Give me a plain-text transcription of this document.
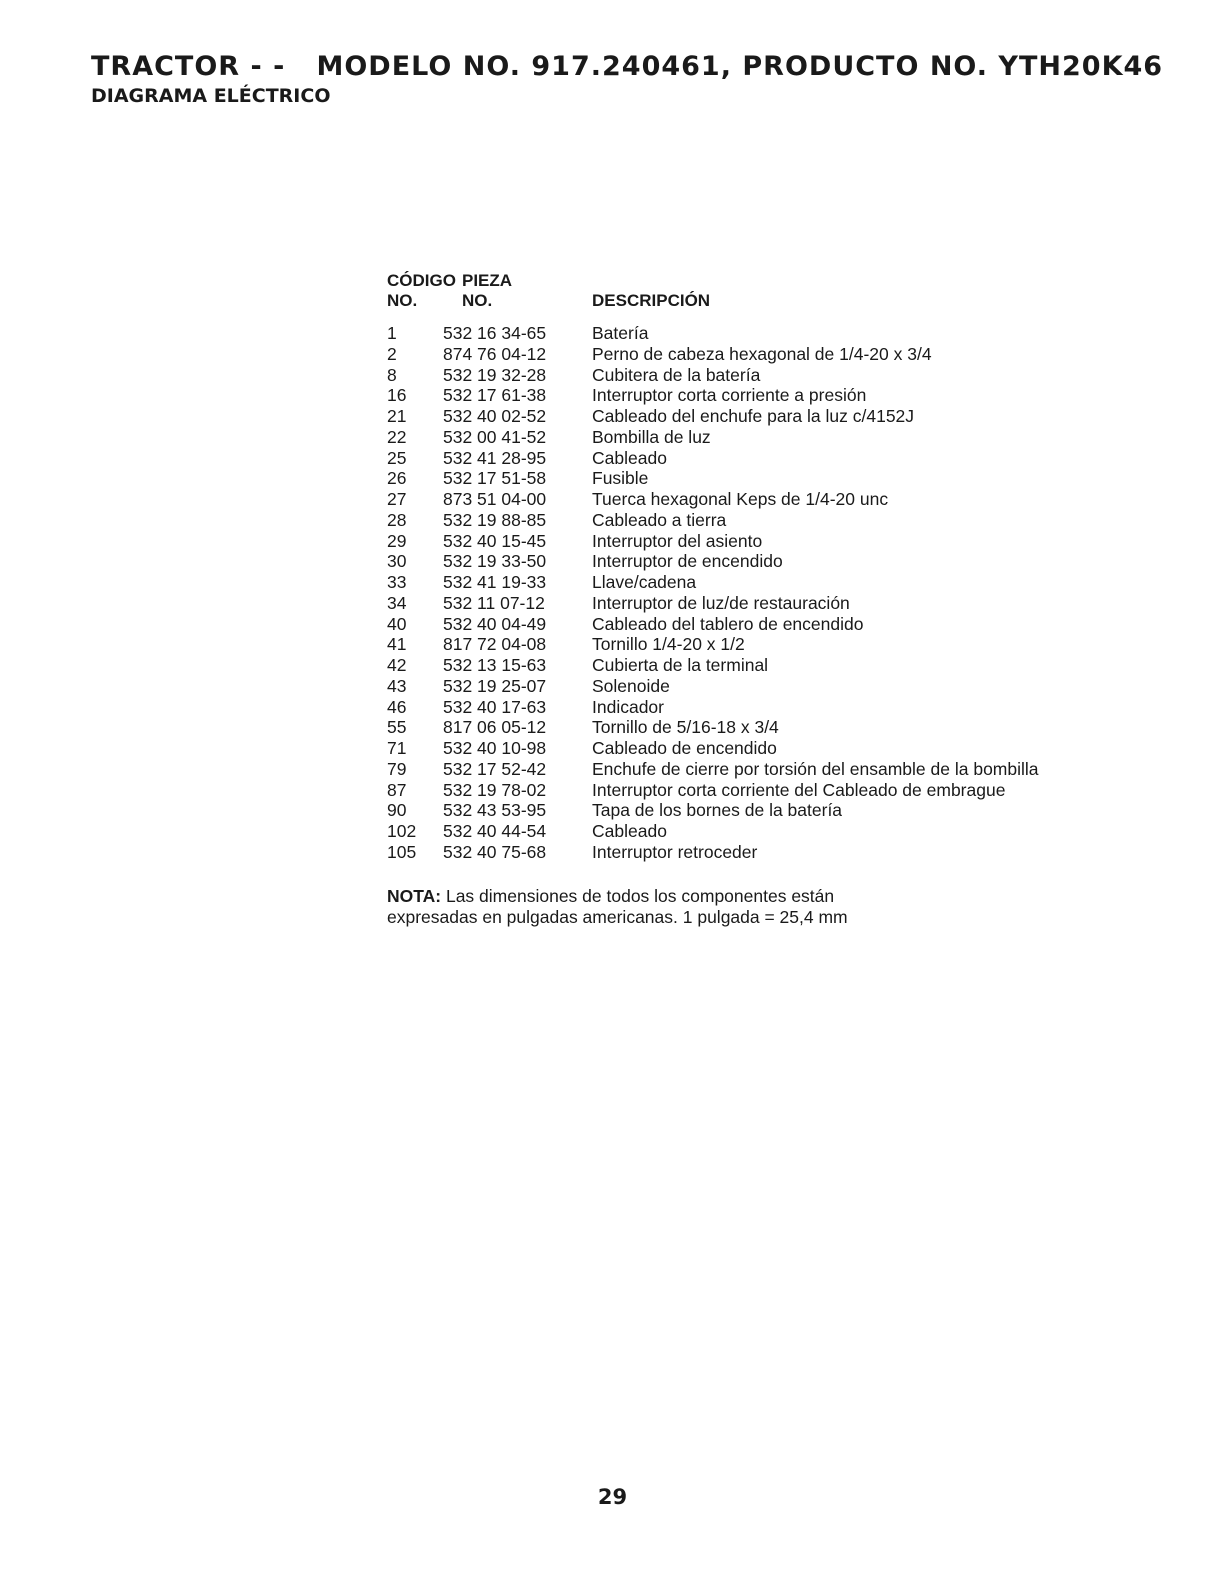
TRACTOR - -   MODELO NO. 917.240461, PRODUCTO NO. YTH20K46
DIAGRAMA ELÉCTRICO
CÓDIGO PIEZA
NO.	NO.	DESCRIPCIÓN
1	532 16 34-65	Batería
2	874 76 04-12	Perno de cabeza hexagonal de 1/4-20 x 3/4
8	532 19 32-28	Cubitera de la batería
16	532 17 61-38	Interruptor corta corriente a presión
21	532 40 02-52	Cableado del enchufe para la luz c/4152J
22	532 00 41-52	Bombilla de luz
25	532 41 28-95	Cableado
26	532 17 51-58	Fusible
27	873 51 04-00	Tuerca hexagonal Keps de 1/4-20 unc
28	532 19 88-85	Cableado a tierra
29	532 40 15-45	Interruptor del asiento
30	532 19 33-50	Interruptor de encendido
33	532 41 19-33	Llave/cadena
34	532 11 07-12	Interruptor de luz/de restauración
40	532 40 04-49	Cableado del tablero de encendido
41	817 72 04-08	Tornillo 1/4-20 x 1/2
42	532 13 15-63	Cubierta de la terminal
43	532 19 25-07	Solenoide
46	532 40 17-63	Indicador
55	817 06 05-12	Tornillo de 5/16-18 x 3/4
71	532 40 10-98	Cableado de encendido
79	532 17 52-42	Enchufe de cierre por torsión del ensamble de la bombilla
87	532 19 78-02	Interruptor corta corriente del Cableado de embrague
90	532 43 53-95	Tapa de los bornes de la batería
102	532 40 44-54	Cableado
105	532 40 75-68	Interruptor retroceder

NOTA: Las dimensiones de todos los componentes están
expresadas en pulgadas americanas. 1 pulgada = 25,4 mm

29
